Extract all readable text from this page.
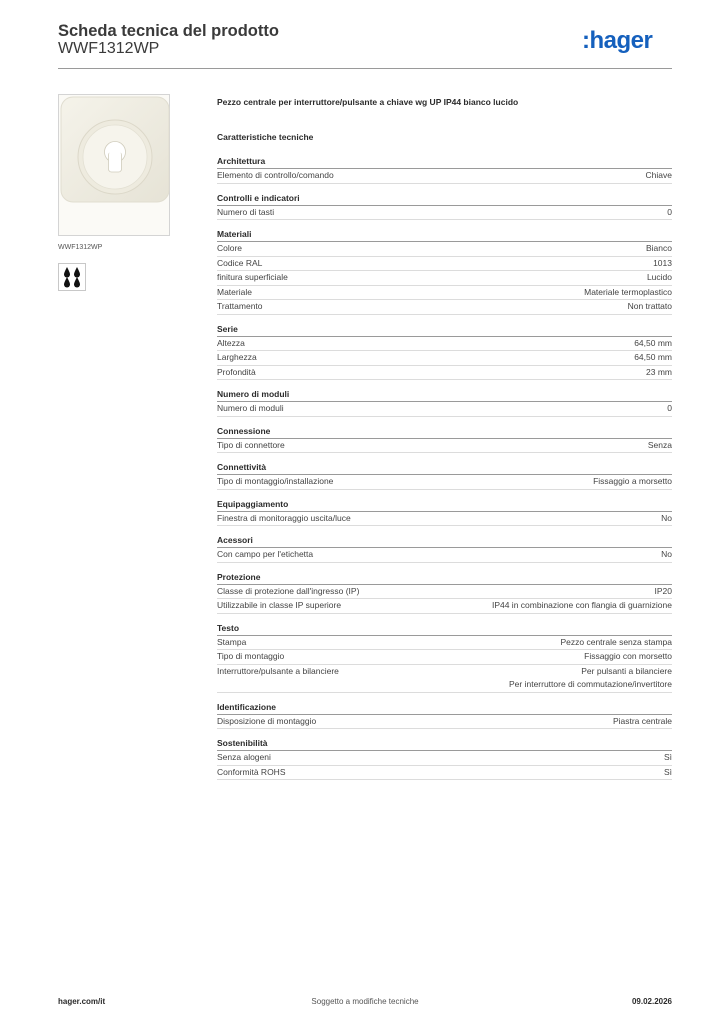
Scheda tecnica del prodotto
WWF1312WP	:hager
WWF1312WP
Pezzo centrale per interruttore/pulsante a chiave wg UP IP44 bianco lucido
Caratteristiche tecniche
Architettura
Elemento di controllo/comando	Chiave
Controlli e indicatori
Numero di tasti	0
Materiali
Colore	Bianco
Codice RAL	1013
finitura superficiale	Lucido
Materiale	Materiale termoplastico
Trattamento	Non trattato
Serie
Altezza	64,50 mm
Larghezza	64,50 mm
Profondità	23 mm
Numero di moduli
Numero di moduli	0
Connessione
Tipo di connettore	Senza
Connettività
Tipo di montaggio/installazione	Fissaggio a morsetto
Equipaggiamento
Finestra di monitoraggio uscita/luce	No
Acessori
Con campo per l'etichetta	No
Protezione
Classe di protezione dall'ingresso (IP)	IP20
Utilizzabile in classe IP superiore	IP44 in combinazione con flangia di guarnizione
Testo
Stampa	Pezzo centrale senza stampa
Tipo di montaggio	Fissaggio con morsetto
Interruttore/pulsante a bilanciere	Per pulsanti a bilanciere
Per interruttore di commutazione/invertitore
Identificazione
Disposizione di montaggio	Piastra centrale
Sostenibilità
Senza alogeni	Sì
Conformità ROHS	Sì
hager.com/it	Soggetto a modifiche tecniche	09.02.2026
